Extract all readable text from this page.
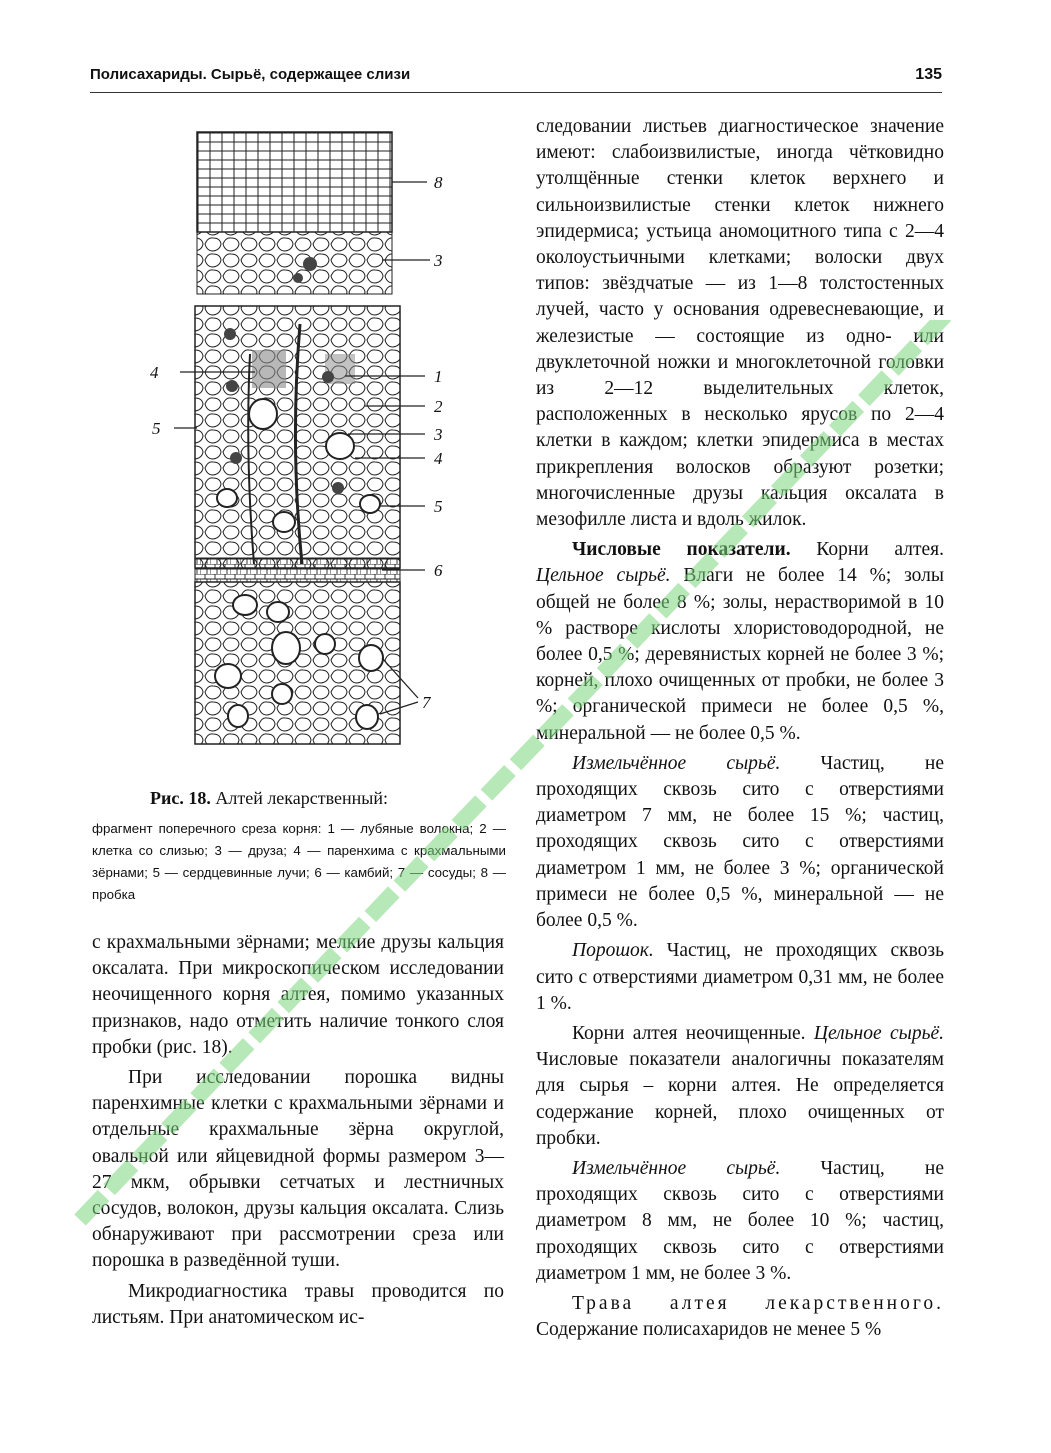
Полисахариды. Сырьё, содержащее слизи	135
8
3
4	1
5
2
3
4
5
6
7
Рис. 18. Алтей лекарственный:
фрагмент поперечного среза корня: 1 — лубяные волокна; 2 — клетка со слизью; 3 — друза; 4 — паренхима с крахмальными зёрнами; 5 — сердцевинные лучи; 6 — камбий; 7 — сосуды; 8 — пробка

с крахмальными зёрнами; мелкие друзы кальция оксалата. При микроскопическом исследовании неочищенного корня алтея, помимо указанных признаков, надо отметить наличие тонкого слоя пробки (рис. 18).

При исследовании порошка видны паренхимные клетки с крахмальными зёрнами и отдельные крахмальные зёрна округлой, овальной или яйцевидной формы размером 3—27 мкм, обрывки сетчатых и лестничных сосудов, волокон, друзы кальция оксалата. Слизь обнаруживают при рассмотрении среза или порошка в разведённой туши.

Микродиагностика травы проводится по листьям. При анатомическом ис-

следовании листьев диагностическое значение имеют: слабоизвилистые, иногда чётковидно утолщённые стенки клеток верхнего и сильноизвилистые стенки клеток нижнего эпидермиса; устьица аномоцитного типа с 2—4 околоустьичными клетками; волоски двух типов: звёздчатые — из 1—8 толстостенных лучей, часто у основания одревесневающие, и железистые — состоящие из одно- или двуклеточной ножки и многоклеточной головки из 2—12 выделительных клеток, расположенных в несколько ярусов по 2—4 клетки в каждом; клетки эпидермиса в местах прикрепления волосков образуют розетки; многочисленные друзы кальция оксалата в мезофилле листа и вдоль жилок.

Числовые показатели. Корни алтея. Цельное сырьё. Влаги не более 14 %; золы общей не более 8 %; золы, нерастворимой в 10 % растворе кислоты хлористоводородной, не более 0,5 %; деревянистых корней не более 3 %; корней, плохо очищенных от пробки, не более 3 %; органической примеси не более 0,5 %, минеральной — не более 0,5 %.

Измельчённое сырьё. Частиц, не проходящих сквозь сито с отверстиями диаметром 7 мм, не более 15 %; частиц, проходящих сквозь сито с отверстиями диаметром 1 мм, не более 3 %; органической примеси не более 0,5 %, минеральной — не более 0,5 %.

Порошок. Частиц, не проходящих сквозь сито с отверстиями диаметром 0,31 мм, не более 1 %.

Корни алтея неочищенные. Цельное сырьё. Числовые показатели аналогичны показателям для сырья – корни алтея. Не определяется содержание корней, плохо очищенных от пробки.

Измельчённое сырьё. Частиц, не проходящих сквозь сито с отверстиями диаметром 8 мм, не более 10 %; частиц, проходящих сквозь сито с отверстиями диаметром 1 мм, не более 3 %.

Трава алтея лекарственного. Содержание полисахаридов не менее 5 %
